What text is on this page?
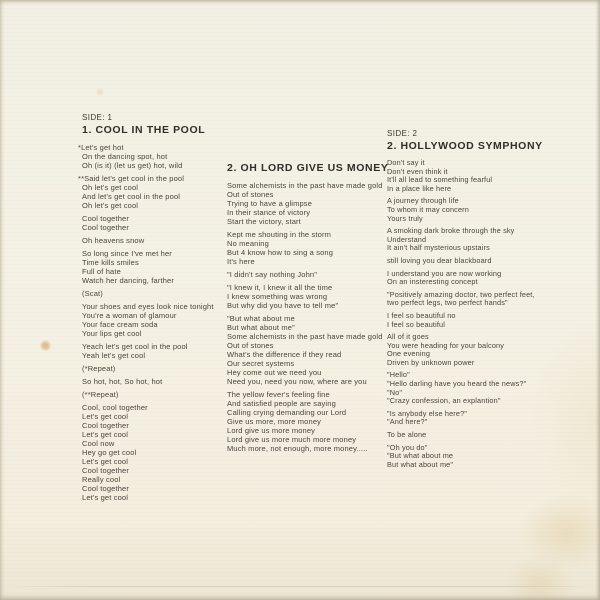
SIDE: 1
1. COOL IN THE POOL
*Let's get hot
On the dancing spot, hot
Oh (is it) (let us get) hot, wild
**Said let's get cool in the pool
Oh let's get cool
And let's get cool in the pool
Oh let's get cool
Cool together
Cool together
Oh heavens snow
So long since I've met her
Time kills smiles
Full of hate
Watch her dancing, farther
(Scat)
Your shoes and eyes look nice tonight
You're a woman of glamour
Your face cream soda
Your lips get cool
Yeach let's get cool in the pool
Yeah let's get cool
(*Repeat)
So hot, hot, So hot, hot
(**Repeat)
Cool, cool together
Let's get cool
Cool together
Let's get cool
Cool now
Hey go get cool
Let's get cool
Cool together
Really cool
Cool together
Let's get cool
2. OH LORD GIVE US MONEY
Some alchemists in the past have made gold
Out of stones
Trying to have a glimpse
In their stance of victory
Start the victory, start
Kept me shouting in the storm
No meaning
But 4 know how to sing a song
It's here
"I didn't say nothing John"
"I knew it, I knew it all the time
I knew something was wrong
But why did you have to tell me"
"But what about me
But what about me"
Some alchemists in the past have made gold
Out of stones
What's the difference if they read
Our secret systems
Hey come out we need you
Need you, need you now, where are you
The yellow fever's feeling fine
And satisfied people are saying
Calling crying demanding our Lord
Give us more, more money
Lord give us more money
Lord give us more much more money
Much more, not enough, more money.....
SIDE: 2
2. HOLLYWOOD SYMPHONY
Don't say it
Don't even think it
It'll all lead to something fearful
In a place like here
A journey through life
To whom it may concern
Yours truly
A smoking dark broke through the sky
Understand
It ain't half mysterious upstairs
still loving you dear blackboard
I understand you are now working
On an insteresting concept
"Positively amazing doctor, two perfect feet,
two perfect legs, two perfect hands"
I feel so beautiful no
I feel so beautiful
All of it goes
You were heading for your balcony
One evening
Driven by unknown power
"Hello"
"Hello darling have you heard the news?"
"No"
"Crazy confession, an explantion"
"Is anybody else here?"
"And here?"
To be alone
"Oh you do"
"But what about me
But what about me"
